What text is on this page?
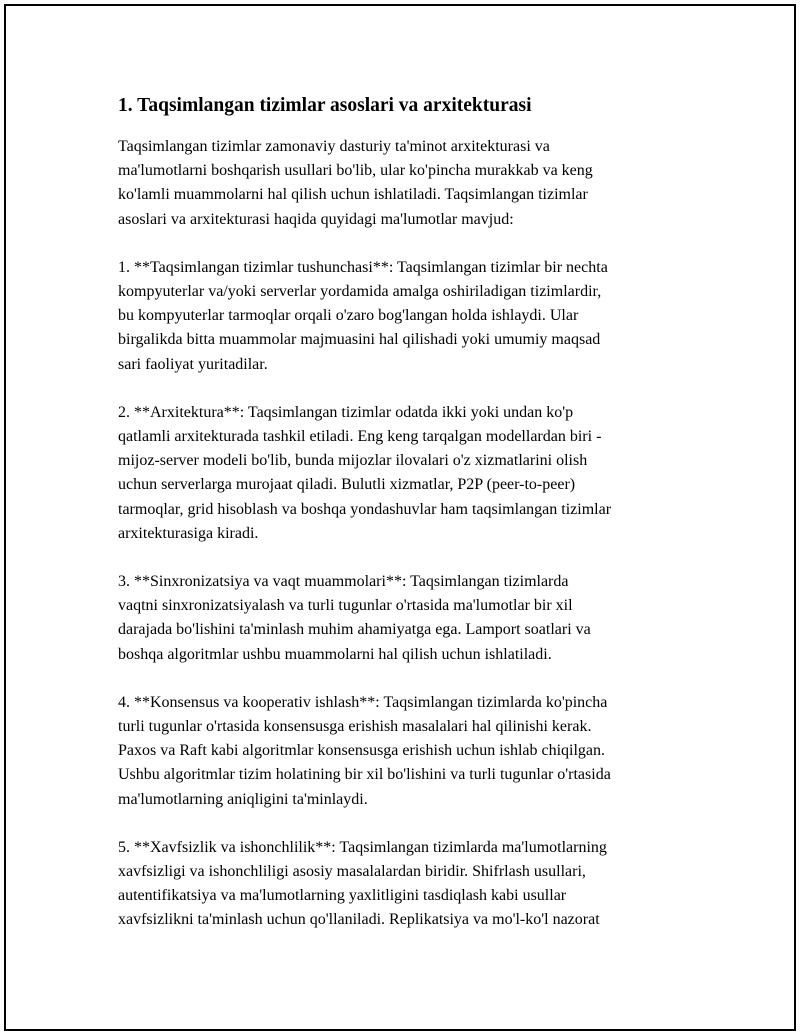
1. Taqsimlangan tizimlar asoslari va arxitekturasi

Taqsimlangan tizimlar zamonaviy dasturiy ta'minot arxitekturasi va
ma'lumotlarni boshqarish usullari bo'lib, ular ko'pincha murakkab va keng
ko'lamli muammolarni hal qilish uchun ishlatiladi. Taqsimlangan tizimlar
asoslari va arxitekturasi haqida quyidagi ma'lumotlar mavjud:

1. **Taqsimlangan tizimlar tushunchasi**: Taqsimlangan tizimlar bir nechta
kompyuterlar va/yoki serverlar yordamida amalga oshiriladigan tizimlardir,
bu kompyuterlar tarmoqlar orqali o'zaro bog'langan holda ishlaydi. Ular
birgalikda bitta muammolar majmuasini hal qilishadi yoki umumiy maqsad
sari faoliyat yuritadilar.

2. **Arxitektura**: Taqsimlangan tizimlar odatda ikki yoki undan ko'p
qatlamli arxitekturada tashkil etiladi. Eng keng tarqalgan modellardan biri -
mijoz-server modeli bo'lib, bunda mijozlar ilovalari o'z xizmatlarini olish
uchun serverlarga murojaat qiladi. Bulutli xizmatlar, P2P (peer-to-peer)
tarmoqlar, grid hisoblash va boshqa yondashuvlar ham taqsimlangan tizimlar
arxitekturasiga kiradi.

3. **Sinxronizatsiya va vaqt muammolari**: Taqsimlangan tizimlarda
vaqtni sinxronizatsiyalash va turli tugunlar o'rtasida ma'lumotlar bir xil
darajada bo'lishini ta'minlash muhim ahamiyatga ega. Lamport soatlari va
boshqa algoritmlar ushbu muammolarni hal qilish uchun ishlatiladi.

4. **Konsensus va kooperativ ishlash**: Taqsimlangan tizimlarda ko'pincha
turli tugunlar o'rtasida konsensusga erishish masalalari hal qilinishi kerak.
Paxos va Raft kabi algoritmlar konsensusga erishish uchun ishlab chiqilgan.
Ushbu algoritmlar tizim holatining bir xil bo'lishini va turli tugunlar o'rtasida
ma'lumotlarning aniqligini ta'minlaydi.

5. **Xavfsizlik va ishonchlilik**: Taqsimlangan tizimlarda ma'lumotlarning
xavfsizligi va ishonchliligi asosiy masalalardan biridir. Shifrlash usullari,
autentifikatsiya va ma'lumotlarning yaxlitligini tasdiqlash kabi usullar
xavfsizlikni ta'minlash uchun qo'llaniladi. Replikatsiya va mo'l-ko'l nazorat
